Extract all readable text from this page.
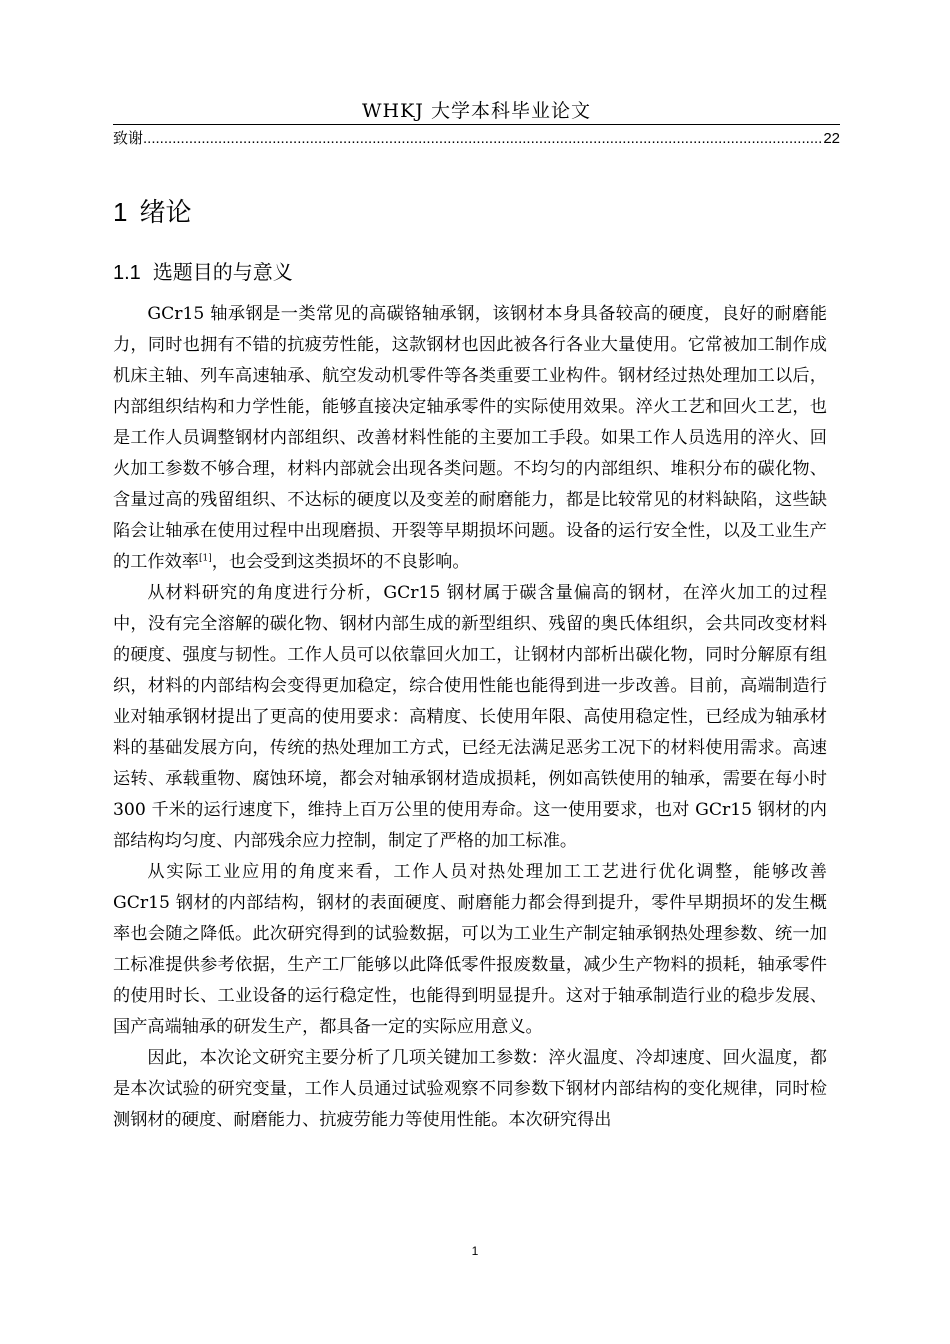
WHKJ 大学本科毕业论文
致谢
.....	22
1 绪论
1.1 选题目的与意义

GCr15 轴承钢是一类常见的高碳铬轴承钢，该钢材本身具备较高的硬度，良好的耐磨能力，同时也拥有不错的抗疲劳性能，这款钢材也因此被各行各业大量使用。它常被加工制作成机床主轴、列车高速轴承、航空发动机零件等各类重要工业构件。钢材经过热处理加工以后，内部组织结构和力学性能，能够直接决定轴承零件的实际使用效果。淬火工艺和回火工艺，也是工作人员调整钢材内部组织、改善材料性能的主要加工手段。如果工作人员选用的淬火、回火加工参数不够合理，材料内部就会出现各类问题。不均匀的内部组织、堆积分布的碳化物、含量过高的残留组织、不达标的硬度以及变差的耐磨能力，都是比较常见的材料缺陷，这些缺陷会让轴承在使用过程中出现磨损、开裂等早期损坏问题。设备的运行安全性，以及工业生产的工作效率[1]，也会受到这类损坏的不良影响。

从材料研究的角度进行分析，GCr15 钢材属于碳含量偏高的钢材，在淬火加工的过程中，没有完全溶解的碳化物、钢材内部生成的新型组织、残留的奥氏体组织，会共同改变材料的硬度、强度与韧性。工作人员可以依靠回火加工，让钢材内部析出碳化物，同时分解原有组织，材料的内部结构会变得更加稳定，综合使用性能也能得到进一步改善。目前，高端制造行业对轴承钢材提出了更高的使用要求：高精度、长使用年限、高使用稳定性，已经成为轴承材料的基础发展方向，传统的热处理加工方式，已经无法满足恶劣工况下的材料使用需求。高速运转、承载重物、腐蚀环境，都会对轴承钢材造成损耗，例如高铁使用的轴承，需要在每小时 300 千米的运行速度下，维持上百万公里的使用寿命。这一使用要求，也对 GCr15 钢材的内部结构均匀度、内部残余应力控制，制定了严格的加工标准。

从实际工业应用的角度来看，工作人员对热处理加工工艺进行优化调整，能够改善 GCr15 钢材的内部结构，钢材的表面硬度、耐磨能力都会得到提升，零件早期损坏的发生概率也会随之降低。此次研究得到的试验数据，可以为工业生产制定轴承钢热处理参数、统一加工标准提供参考依据，生产工厂能够以此降低零件报废数量，减少生产物料的损耗，轴承零件的使用时长、工业设备的运行稳定性，也能得到明显提升。这对于轴承制造行业的稳步发展、国产高端轴承的研发生产，都具备一定的实际应用意义。

因此，本次论文研究主要分析了几项关键加工参数：淬火温度、冷却速度、回火温度，都是本次试验的研究变量，工作人员通过试验观察不同参数下钢材内部结构的变化规律，同时检测钢材的硬度、耐磨能力、抗疲劳能力等使用性能。本次研究得出

1
